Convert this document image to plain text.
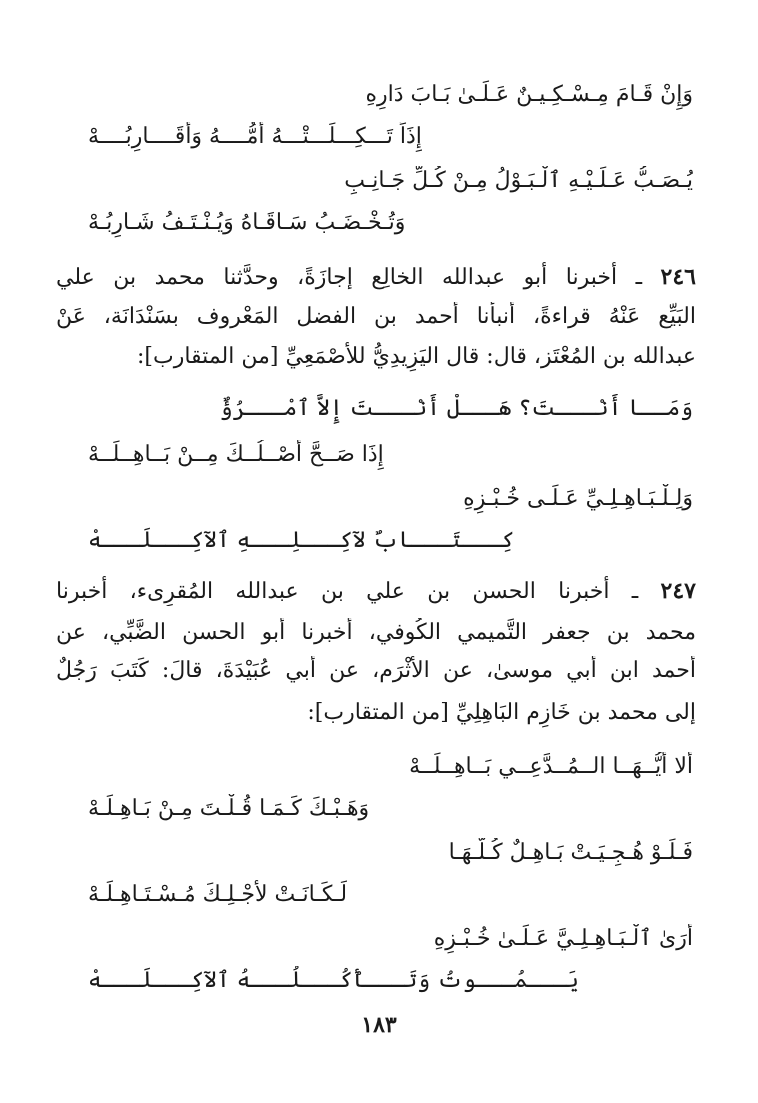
وَإِنْ قَـامَ مِـسْـكِـيـنٌ عَـلَـىٰ بَـابَ دَارِهِ
إِذَاً تَـــكِـــلَـــتْـــهُ أُمُّــــهُ وَأَقَــــارِبُــــهْ
يُـصَـبُّ عَـلَـيْـهِ ٱلْـبَـوْلُ مِـنْ كُـلِّ جَـانِـبِ
وَتُـخْـضَـبُ سَـاقَـاهُ وَيُـنْـتَـفُ شَـارِبُـهْ
٢٤٦ ـ أخبرنا أبو عبدالله الخالِع إجازَةً، وحدَّثنا محمد بن علي
البَيِّع عَنْهُ قراءةً، أنبأنا أحمد بن الفضل المَعْروف بسَنْدَانَة، عَنْ
عبدالله بن المُعْتَز، قال: قال اليَزِيدِيُّ للأَصْمَعِيِّ [من المتقارب]:
وَمَــا أَنْـــتَ؟ هَـــلْ أَنْـــتَ إِلاَّ ٱمْـــرُؤٌ
إِذَا صَــحَّ أَصْــلُــكَ مِــنْ بَــاهِــلَــهْ
وَلِـلْـبَـاهِـلِـيِّ عَـلَـى خُـبْـزِهِ
كِـــتَـــابٌ لآكِـــلِـــهِ ٱلآكِـــلَـــهْ
٢٤٧ ـ أخبرنا الحسن بن علي بن عبدالله المُقرِىء، أخبرنا
محمد بن جعفر التَّميمي الكُوفي، أخبرنا أبو الحسن الضَّبِّي، عن
أحمد ابن أبي موسىٰ، عن الأَثْرَم، عن أبي عُبَيْدَةَ، قالَ: كَتَبَ رَجُلٌ
إلى محمد بن خَازِم البَاهِلِيِّ [من المتقارب]:
أَلا أَيُّــهَــا الــمُــدَّعِــي بَــاهِــلَــهْ
وَهَـبْـكَ كَـمَـا قُـلْـتَ مِـنْ بَـاهِـلَـهْ
فَـلَـوْ هُـجِـيَـتْ بَـاهِـلٌ كُـلُّـهَـا
لَـكَـانَـتْ لأَجْـلِـكَ مُـسْـتَـاهِـلَـهْ
أَرَىٰ ٱلْـبَـاهِـلِـيَّ عَـلَـىٰ خُـبْـزِهِ
يَـــمُـــوتُ وَتَـــأْكُـــلُـــهُ ٱلآكِـــلَـــهْ
١٨٣
